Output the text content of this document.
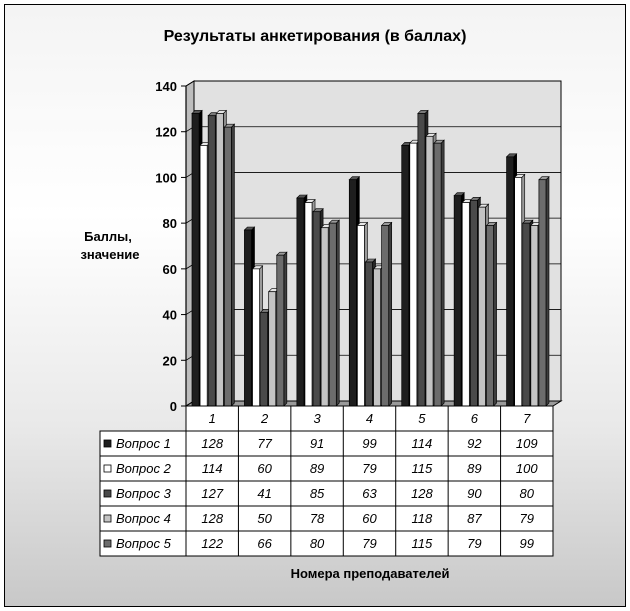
Результаты анкетирования (в баллах)
Баллы,
значение
Номера преподавателей
0
20
40
60
80
100
120
140
1	2	3	4	5	6	7
Вопрос 1 128	77	91	99	114	92	109
Вопрос 2 114	60	89	79	115	89	100
Вопрос 3 127	41	85	63	128	90	80
Вопрос 4 128	50	78	60	118	87	79
Вопрос 5 122	66	80	79	115	79	99
